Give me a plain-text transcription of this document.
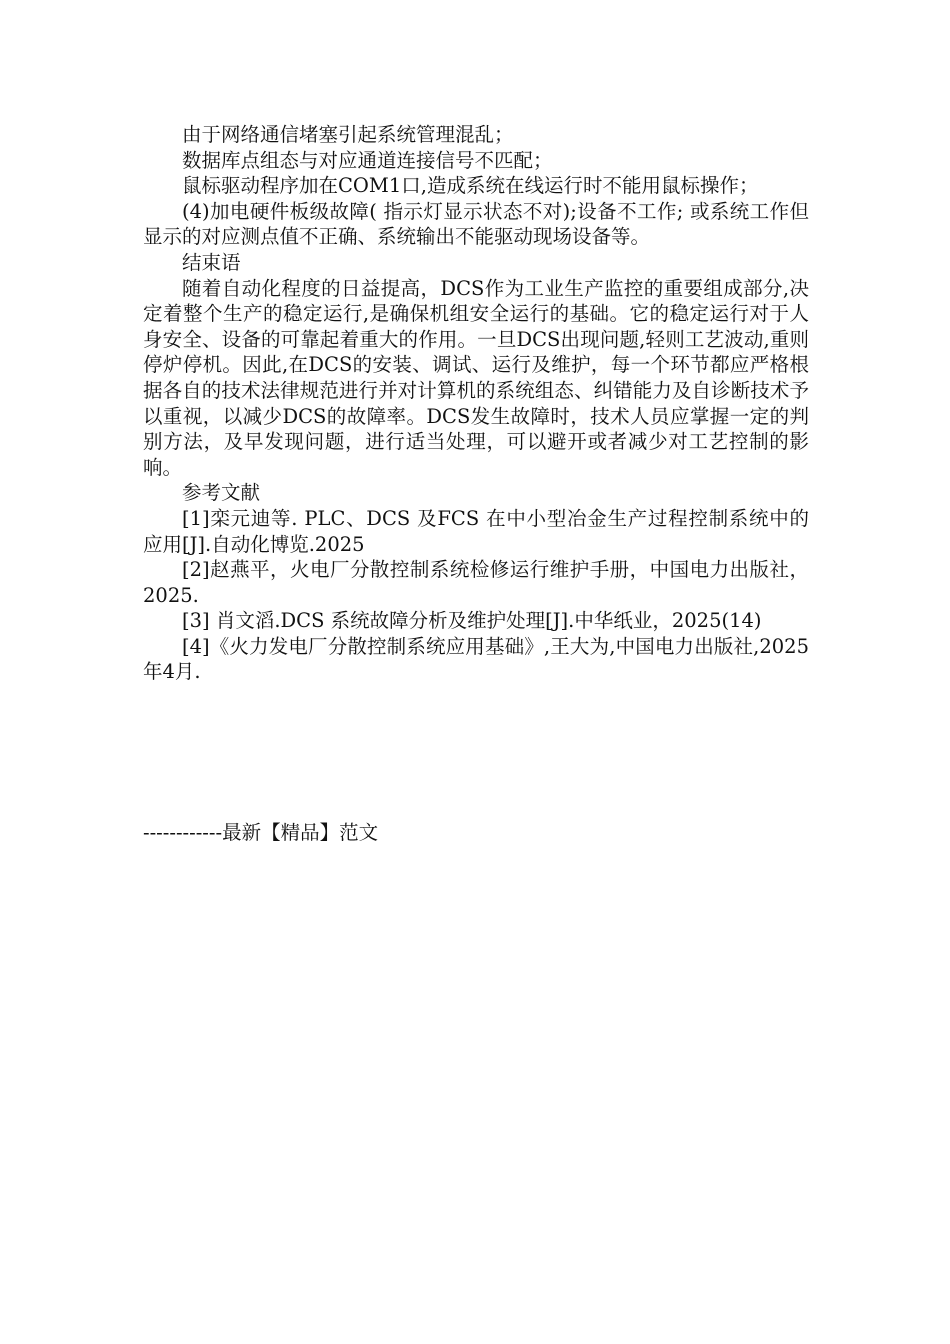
由于网络通信堵塞引起系统管理混乱；

数据库点组态与对应通道连接信号不匹配；

鼠标驱动程序加在COM1口,造成系统在线运行时不能用鼠标操作；

(4)加电硬件板级故障( 指示灯显示状态不对);设备不工作; 或系统工作但显示的对应测点值不正确、系统输出不能驱动现场设备等。

结束语

随着自动化程度的日益提高，DCS作为工业生产监控的重要组成部分,决定着整个生产的稳定运行,是确保机组安全运行的基础。它的稳定运行对于人身安全、设备的可靠起着重大的作用。一旦DCS出现问题,轻则工艺波动,重则停炉停机。因此,在DCS的安装、调试、运行及维护，每一个环节都应严格根据各自的技术法律规范进行并对计算机的系统组态、纠错能力及自诊断技术予以重视，以减少DCS的故障率。DCS发生故障时，技术人员应掌握一定的判别方法，及早发现问题，进行适当处理，可以避开或者减少对工艺控制的影响。

参考文献

[1]栾元迪等. PLC、DCS 及FCS 在中小型冶金生产过程控制系统中的应用[J].自动化博览.2025

[2]赵燕平，火电厂分散控制系统检修运行维护手册，中国电力出版社，2025.

[3] 肖文滔.DCS 系统故障分析及维护处理[J].中华纸业，2025(14)

[4]《火力发电厂分散控制系统应用基础》,王大为,中国电力出版社,2025年4月.

------------最新【精品】范文
